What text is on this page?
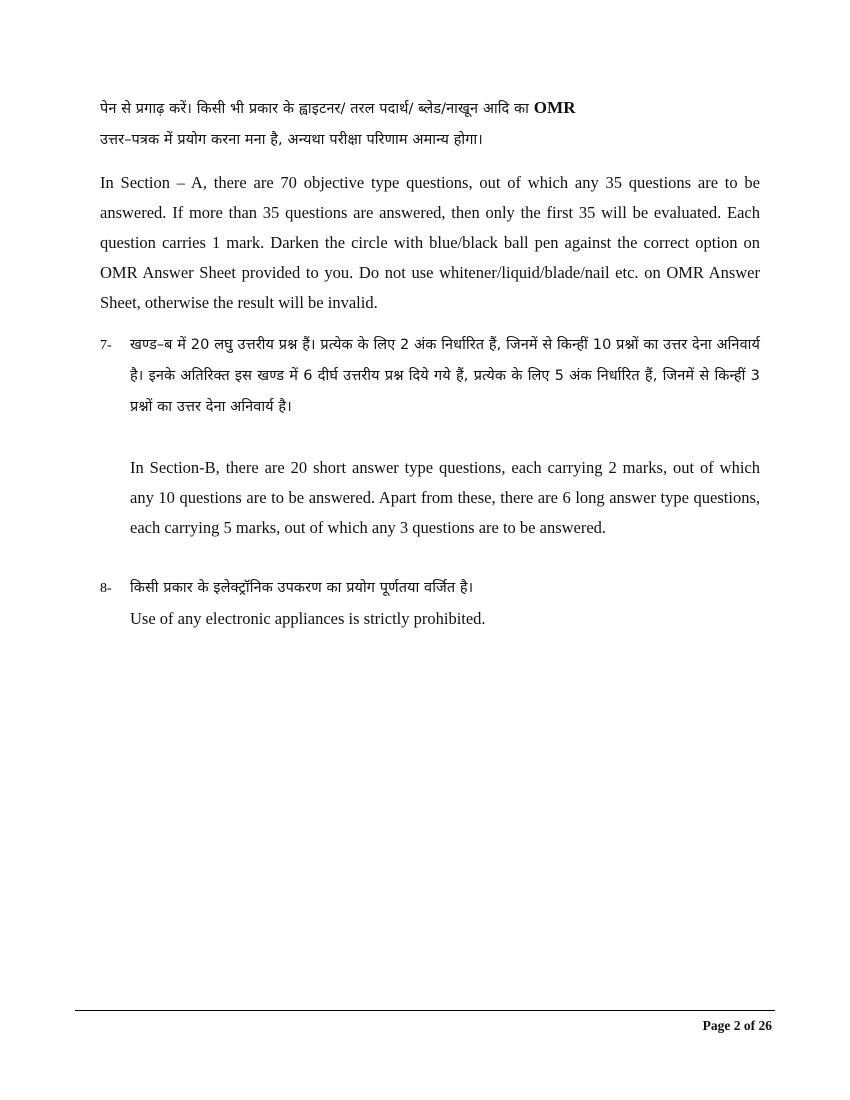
पेन से प्रगाढ़ करें। किसी भी प्रकार के ह्वाइटनर/ तरल पदार्थ/ ब्लेड/नाखून आदि का OMR
उत्तर–पत्रक में प्रयोग करना मना है, अन्यथा परीक्षा परिणाम अमान्य होगा।
In Section – A, there are 70 objective type questions, out of which any 35 questions are to be answered. If more than 35 questions are answered, then only the first 35 will be evaluated. Each question carries 1 mark. Darken the circle with blue/black ball pen against the correct option on OMR Answer Sheet provided to you. Do not use whitener/liquid/blade/nail etc. on OMR Answer Sheet, otherwise the result will be invalid.
7- खण्ड–ब में 20 लघु उत्तरीय प्रश्न हैं। प्रत्येक के लिए 2 अंक निर्धारित हैं, जिनमें से किन्हीं 10 प्रश्नों का उत्तर देना अनिवार्य है। इनके अतिरिक्त इस खण्ड में 6 दीर्घ उत्तरीय प्रश्न दिये गये हैं, प्रत्येक के लिए 5 अंक निर्धारित हैं, जिनमें से किन्हीं 3 प्रश्नों का उत्तर देना अनिवार्य है।
In Section-B, there are 20 short answer type questions, each carrying 2 marks, out of which any 10 questions are to be answered. Apart from these, there are 6 long answer type questions, each carrying 5 marks, out of which any 3 questions are to be answered.
8- किसी प्रकार के इलेक्ट्रॉनिक उपकरण का प्रयोग पूर्णतया वर्जित है।
Use of any electronic appliances is strictly prohibited.
Page 2 of 26
